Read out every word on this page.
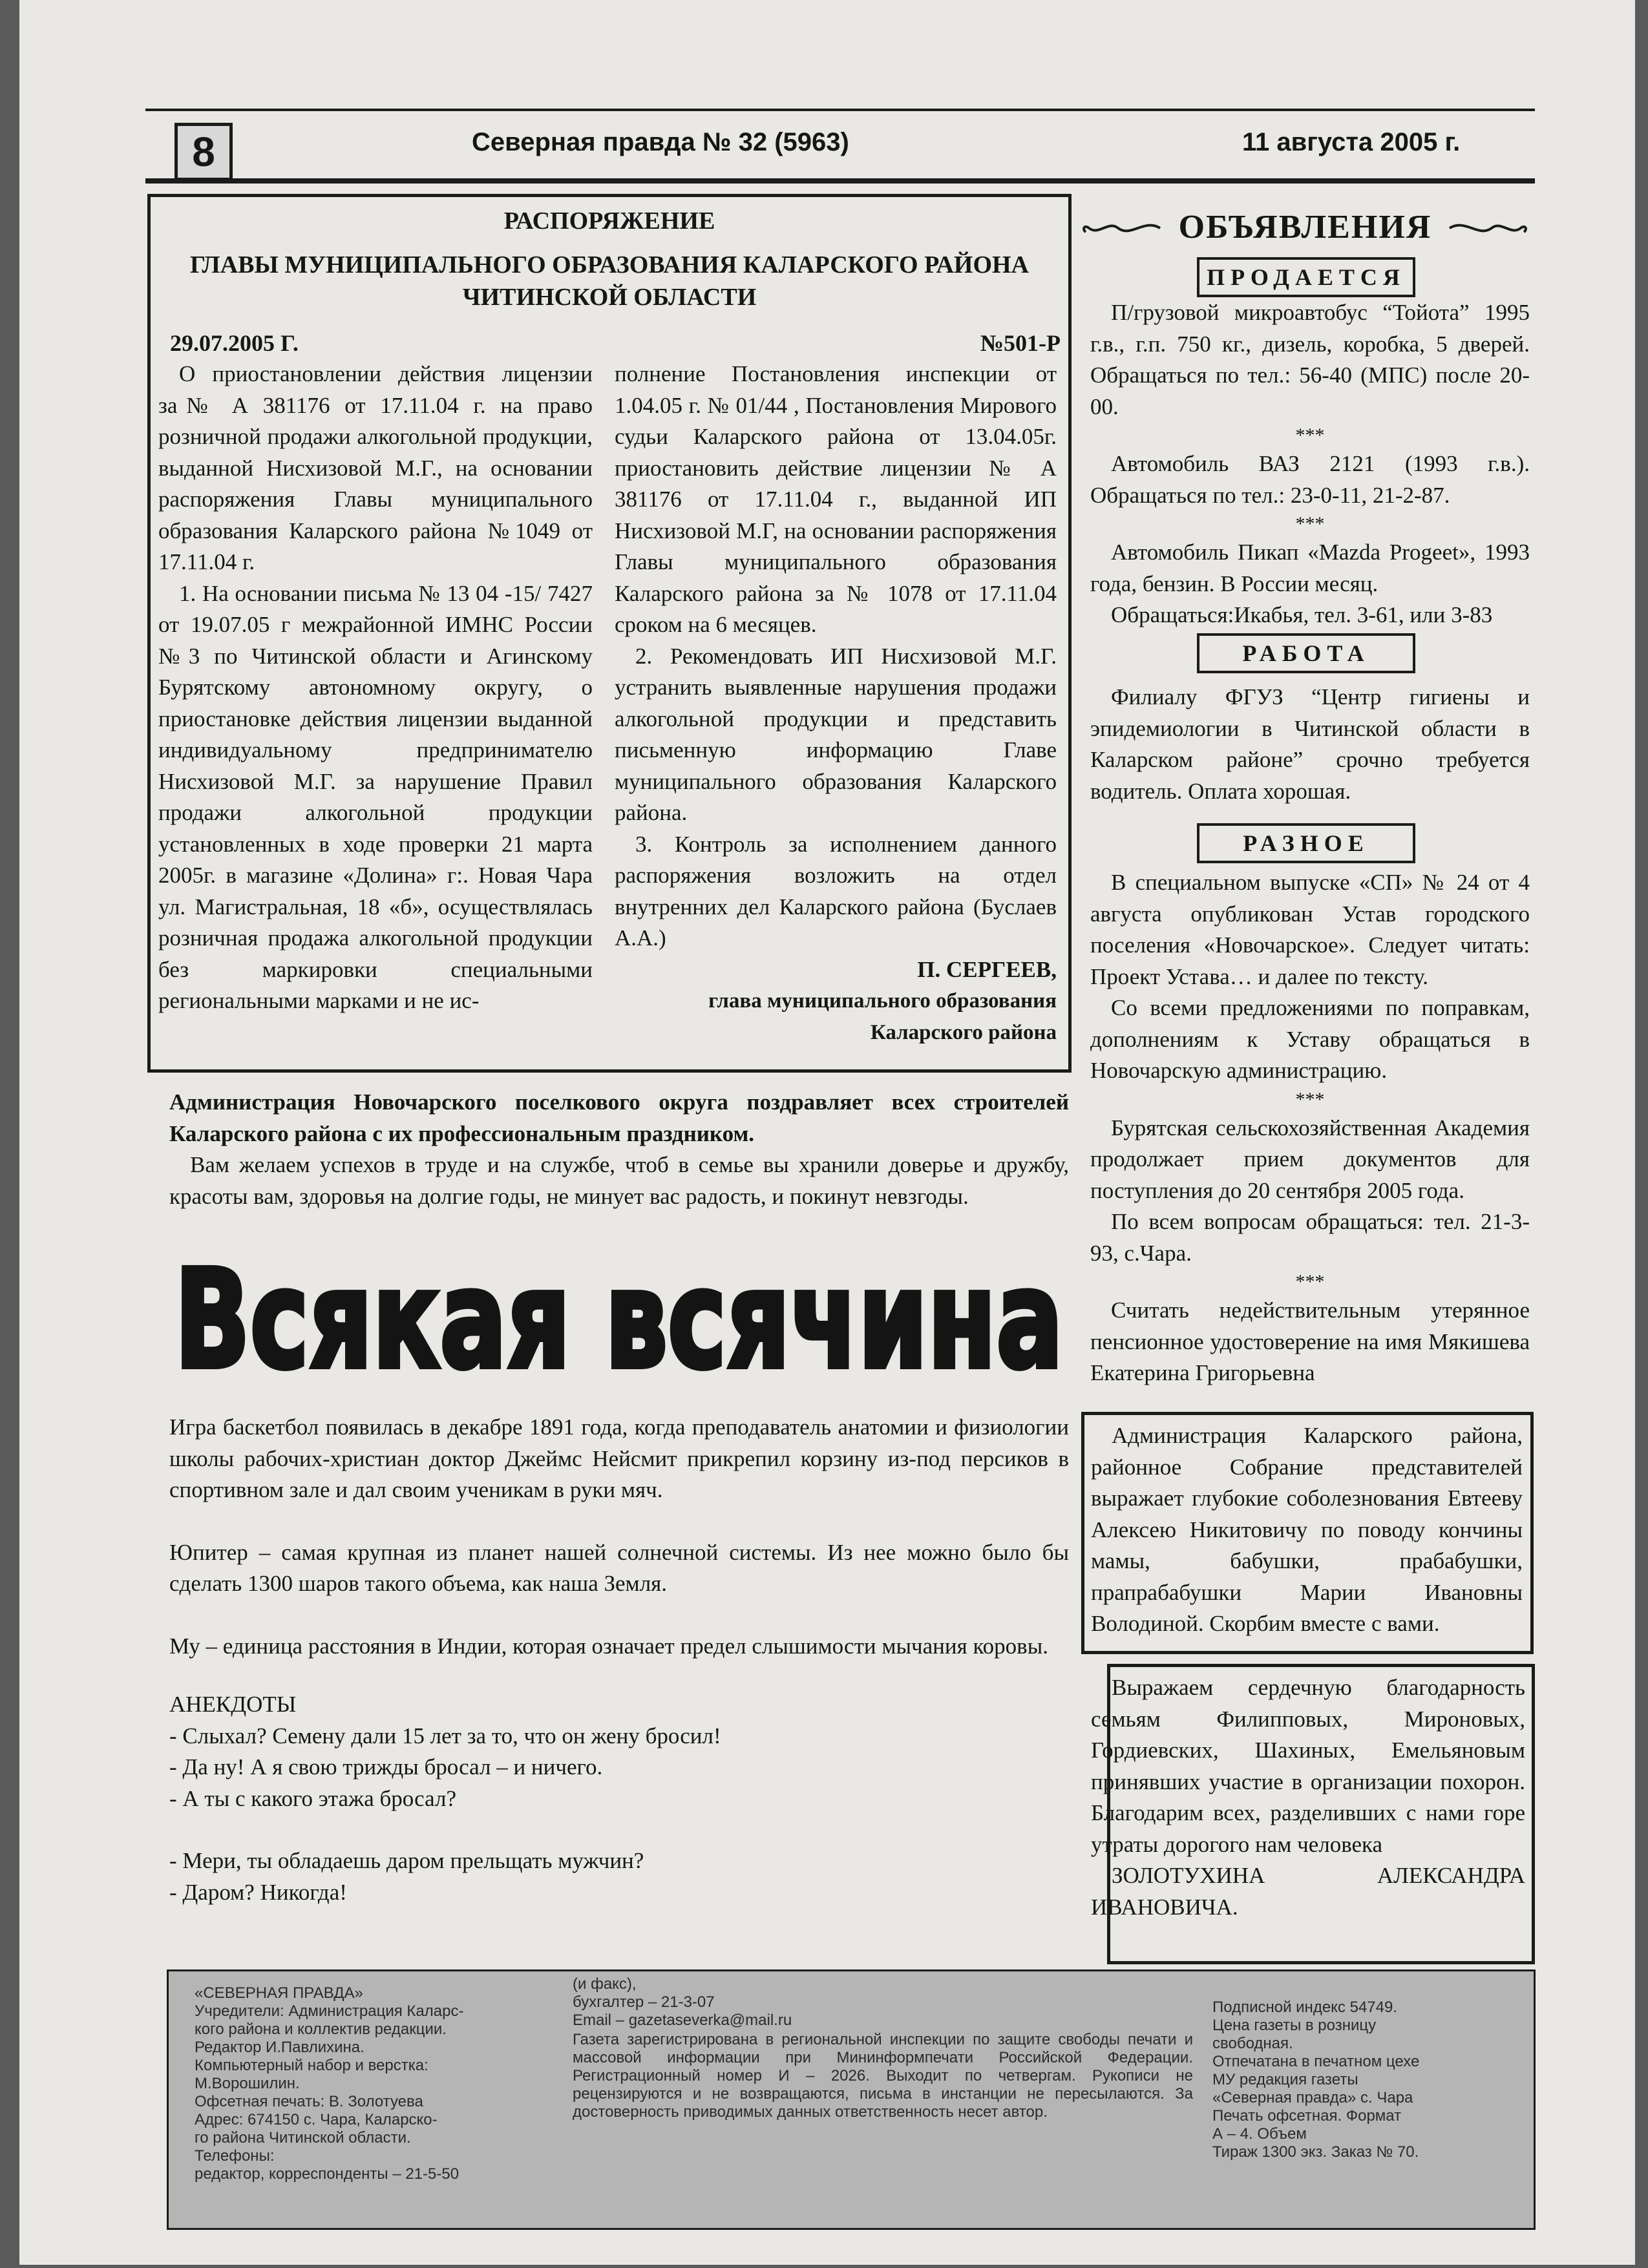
8	Северная правда № 32 (5963)	11 августа 2005 г.
РАСПОРЯЖЕНИЕ
ГЛАВЫ МУНИЦИПАЛЬНОГО ОБРАЗОВАНИЯ КАЛАРСКОГО РАЙОНА
ЧИТИНСКОЙ ОБЛАСТИ
29.07.2005 Г.	№501-Р

О приостановлении действия лицензии за№ А 381176 от 17.11.04 г. на право розничной продажи алкогольной продукции, выданной Нисхизовой М.Г., на основании распоряжения Главы муниципального образования Каларского района №1049 от 17.11.04 г.

1. На основании письма № 13 04 -15/ 7427 от 19.07.05 г межрайонной ИМНС России №3 по Читинской области и Агинскому Бурятскому автономному округу, о приостановке действия лицензии выданной индивидуальному предпринимателю Нисхизовой М.Г. за нарушение Правил продажи алкогольной продукции установленных в ходе проверки 21 марта 2005г. в магазине «Долина» г:. Новая Чара ул. Магистральная, 18 «б», осуществлялась розничная продажа алкогольной продукции без маркировки специальными региональными марками и не ис-

полнение Постановления инспекции от 1.04.05 г. № 01/44 , Постановления Мирового судьи Каларского района от 13.04.05г. приостановить действие лицензии № А 381176 от 17.11.04 г., выданной ИП Нисхизовой М.Г, на основании распоряжения Главы муниципального образования Каларского района за № 1078 от 17.11.04 сроком на 6 месяцев.

2. Рекомендовать ИП Нисхизовой М.Г. устранить выявленные нарушения продажи алкогольной продукции и представить письменную информацию Главе муниципального образования Каларского района.

3. Контроль за исполнением данного распоряжения возложить на отдел внутренних дел Каларского района (Буслаев А.А.)

П. СЕРГЕЕВ,

глава муниципального образования

Каларского района

Администрация Новочарского поселкового округа поздравляет всех строителей Каларского района с их профессиональным праздником.

Вам желаем успехов в труде и на службе, чтоб в семье вы хранили доверье и дружбу, красоты вам, здоровья на долгие годы, не минует вас радость, и покинут невзгоды.

Всякая всячина

Игра баскетбол появилась в декабре 1891 года, когда преподаватель анатомии и физиологии школы рабочих-христиан доктор Джеймс Нейсмит прикрепил корзину из-под персиков в спортивном зале и дал своим ученикам в руки мяч.

Юпитер – самая крупная из планет нашей солнечной системы. Из нее можно было бы сделать 1300 шаров такого объема, как наша Земля.

Му – единица расстояния в Индии, которая означает предел слышимости мычания коровы.

АНЕКДОТЫ

- Слыхал? Семену дали 15 лет за то, что он жену бросил!

- Да ну! А я свою трижды бросал – и ничего.

- А ты с какого этажа бросал?

- Мери, ты обладаешь даром прельщать мужчин?

- Даром? Никогда!

ОБЪЯВЛЕНИЯ
ПРОДАЕТСЯ

П/грузовой микроавтобус “Тойота” 1995 г.в., г.п. 750 кг., дизель, коробка, 5 дверей. Обращаться по тел.: 56-40 (МПС) после 20-00.

***

Автомобиль ВАЗ 2121 (1993 г.в.). Обращаться по тел.: 23-0-11, 21-2-87.

***

Автомобиль Пикап «Mazda Progeet», 1993 года, бензин. В России месяц.

Обращаться:Икабья, тел. 3-61, или 3-83

РАБОТА

Филиалу ФГУЗ “Центр гигиены и эпидемиологии в Читинской области в Каларском районе” срочно требуется водитель. Оплата хорошая.

РАЗНОЕ

В специальном выпуске «СП» № 24 от 4 августа опубликован Устав городского поселения «Новочарское». Следует читать: Проект Устава… и далее по тексту.

Со всеми предложениями по поправкам, дополнениям к Уставу обращаться в Новочарскую администрацию.

***

Бурятская сельскохозяйственная Академия продолжает прием документов для поступления до 20 сентября 2005 года.

По всем вопросам обращаться: тел. 21-3-93, с.Чара.

***

Считать недействительным утерянное пенсионное удостоверение на имя Мякишева Екатерина Григорьевна

Администрация Каларского района, районное Собрание представителей выражает глубокие соболезнования Евтееву Алексею Никитовичу по поводу кончины мамы, бабушки, прабабушки, прапрабабушки Марии Ивановны Володиной. Скорбим вместе с вами.

Выражаем сердечную благодарность семьям Филипповых, Мироновых, Гордиевских, Шахиных, Емельяновым принявших участие в организации похорон. Благодарим всех, разделивших с нами горе утраты дорогого нам человека

ЗОЛОТУХИНА АЛЕКСАНДРА ИВАНОВИЧА.

«СЕВЕРНАЯ ПРАВДА»
Учредители: Администрация Каларс-
кого района и коллектив редакции.
Редактор И.Павлихина.
Компьютерный набор и верстка:
М.Ворошилин.
Офсетная печать: В. Золотуева
Адрес: 674150 с. Чара, Каларско-
го района Читинской области.
Телефоны:
редактор, корреспонденты – 21-5-50
(и факс),
бухгалтер – 21-3-07
Email – gazetaseverka@mail.ru
Газета зарегистрирована в региональной инспекции по защите свободы печати и массовой информации при Мининформпечати Российской Федерации. Регистрационный номер И – 2026. Выходит по четвергам. Рукописи не рецензируются и не возвращаются, письма в инстанции не пересылаются. За достоверность приводимых данных ответственность несет автор.
Подписной индекс 54749.
Цена газеты в розницу
свободная.
Отпечатана в печатном цехе
МУ редакция газеты
«Северная правда» с. Чара
Печать офсетная. Формат
А – 4. Объем
Тираж 1300 экз. Заказ № 70.
